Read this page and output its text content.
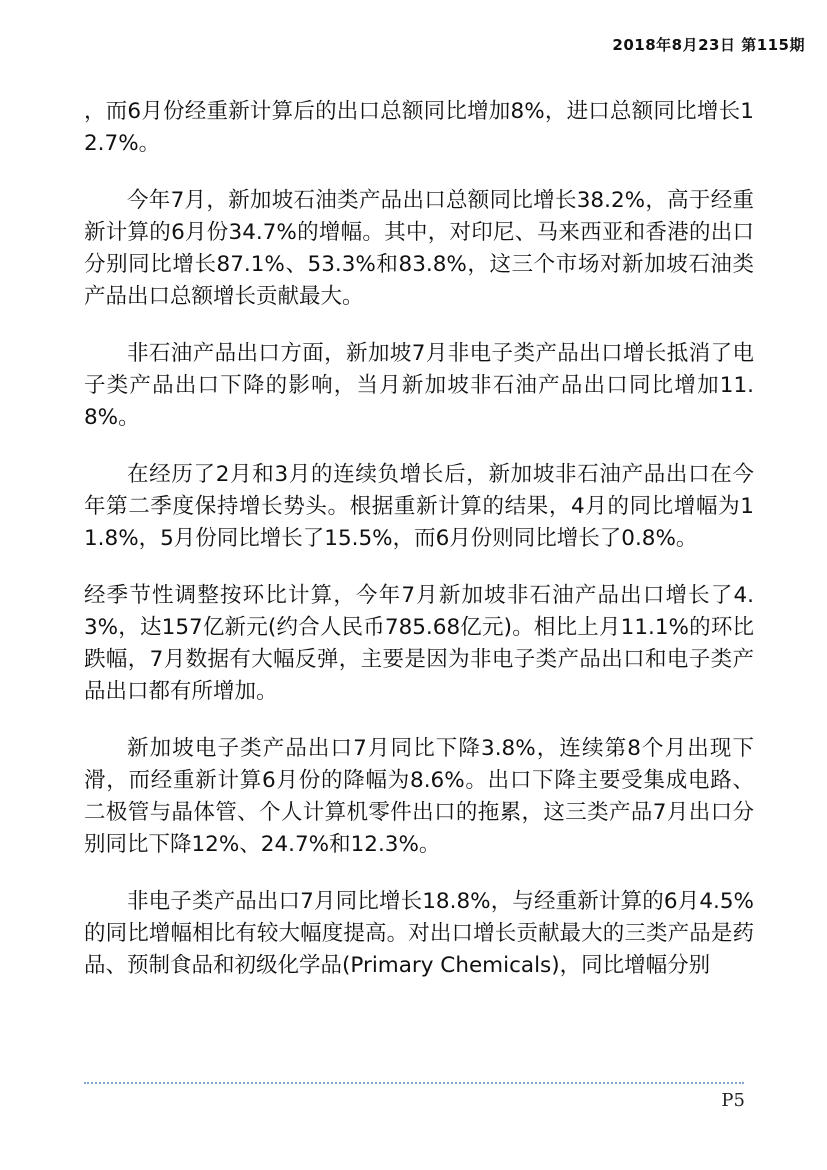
2018年8月23日 第115期

，而6月份经重新计算后的出口总额同比增加8%，进口总额同比增长12.7%。

今年7月，新加坡石油类产品出口总额同比增长38.2%，高于经重新计算的6月份34.7%的增幅。其中，对印尼、马来西亚和香港的出口分别同比增长87.1%、53.3%和83.8%，这三个市场对新加坡石油类产品出口总额增长贡献最大。

非石油产品出口方面，新加坡7月非电子类产品出口增长抵消了电子类产品出口下降的影响，当月新加坡非石油产品出口同比增加11.8%。

在经历了2月和3月的连续负增长后，新加坡非石油产品出口在今年第二季度保持增长势头。根据重新计算的结果，4月的同比增幅为11.8%，5月份同比增长了15.5%，而6月份则同比增长了0.8%。

经季节性调整按环比计算，今年7月新加坡非石油产品出口增长了4.3%，达157亿新元(约合人民币785.68亿元)。相比上月11.1%的环比跌幅，7月数据有大幅反弹，主要是因为非电子类产品出口和电子类产品出口都有所增加。

新加坡电子类产品出口7月同比下降3.8%，连续第8个月出现下滑，而经重新计算6月份的降幅为8.6%。出口下降主要受集成电路、二极管与晶体管、个人计算机零件出口的拖累，这三类产品7月出口分别同比下降12%、24.7%和12.3%。

非电子类产品出口7月同比增长18.8%，与经重新计算的6月4.5%的同比增幅相比有较大幅度提高。对出口增长贡献最大的三类产品是药品、预制食品和初级化学品(Primary Chemicals)，同比增幅分别

P5
